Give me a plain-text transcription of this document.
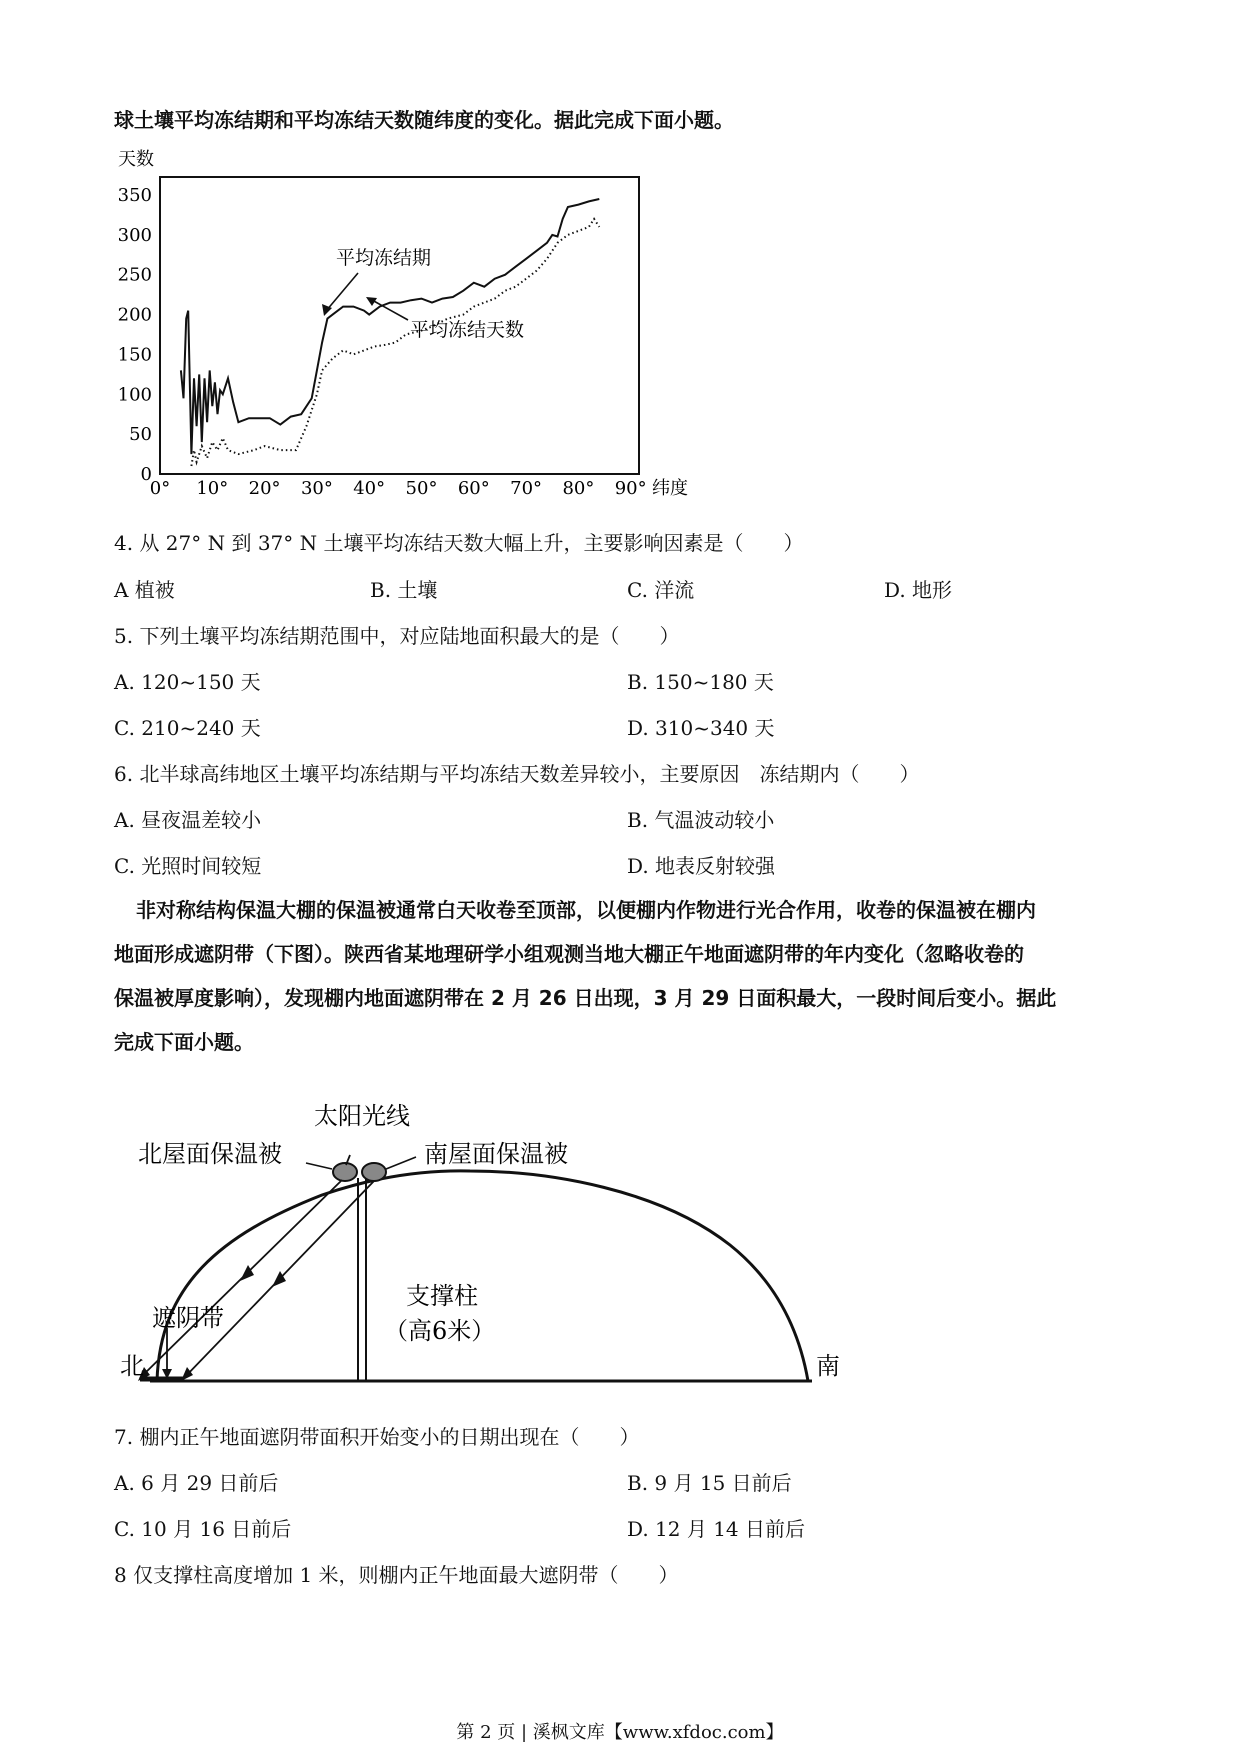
球土壤平均冻结期和平均冻结天数随纬度的变化。据此完成下面小题。
天数
0
50
100
150
200
250
300
350
0° 10° 20° 30° 40° 50° 60° 70° 80° 90° 纬度
平均冻结期
平均冻结天数
4. 从 27° N 到 37° N 土壤平均冻结天数大幅上升，主要影响因素是（　　）
A 植被	B. 土壤	C. 洋流	D. 地形
5. 下列土壤平均冻结期范围中，对应陆地面积最大的是（　　）
A. 120~150 天	B. 150~180 天
C. 210~240 天	D. 310~340 天
6. 北半球高纬地区土壤平均冻结期与平均冻结天数差异较小，主要原因　冻结期内（　　）
A. 昼夜温差较小	B. 气温波动较小
C. 光照时间较短	D. 地表反射较强
非对称结构保温大棚的保温被通常白天收卷至顶部，以便棚内作物进行光合作用，收卷的保温被在棚内
地面形成遮阴带（下图）。陕西省某地理研学小组观测当地大棚正午地面遮阴带的年内变化（忽略收卷的
保温被厚度影响），发现棚内地面遮阴带在 2 月 26 日出现，3 月 29 日面积最大，一段时间后变小。据此
完成下面小题。
太阳光线
北屋面保温被	南屋面保温被
支撑柱
（高6米）
遮阴带
北	南
7. 棚内正午地面遮阴带面积开始变小的日期出现在（　　）
A. 6 月 29 日前后	B. 9 月 15 日前后
C. 10 月 16 日前后	D. 12 月 14 日前后
8 仅支撑柱高度增加 1 米，则棚内正午地面最大遮阴带（　　）
第 2 页 | 溪枫文库【www.xfdoc.com】
